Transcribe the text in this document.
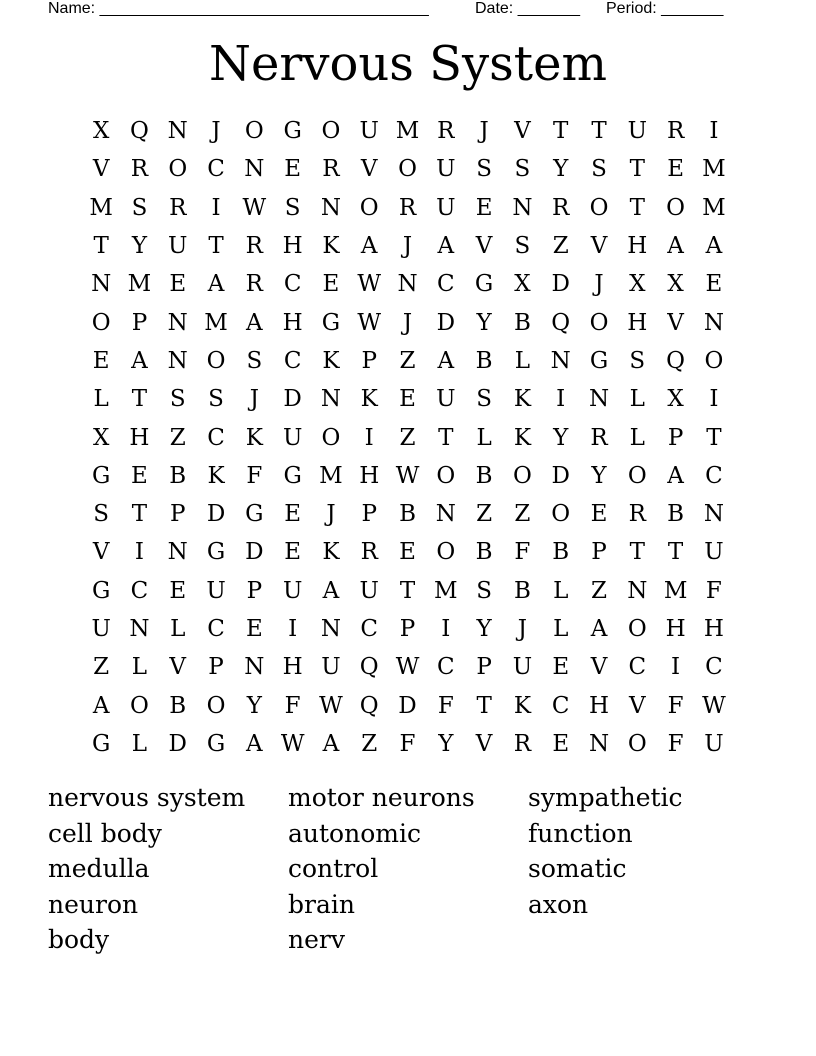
Name: _____________________________________	Date: _______ Period: _______
Nervous System
X Q N	J	O G O U M R	J	V T T U R	I
V R O C N E R V O U S S Y S T E M
M S R	I W S N O R U E N R O T O M
T	Y U T R H K A	J	A V S Z V H A A
N M E A R C E W N C G X D	J	X X E
O P N M A H G W J	D Y B Q O H V N
E A N O S C K P Z A B L N G S Q O
L T S S	J	D N K E U S K	I	N L X	I
X H Z C K U O	I	Z T L K Y R L P T
G E B K F G M H W O B O D Y O A C
S T P D G E	J	P B N Z Z O E R B N
V	I	N G D E K R E O B F B P T T U
G C E U P U A U T M S B L Z N M F
U N L C E	I	N C P	I	Y	J	L A O H H
Z L V P N H U Q W C P U E V C	I	C
A O B O Y F W Q D F T K C H V F W
G L D G A W A Z F Y V R E N O F U
nervous system	motor neurons	sympathetic
cell body	autonomic	function
medulla	control	somatic
neuron	brain	axon
body	nerv
